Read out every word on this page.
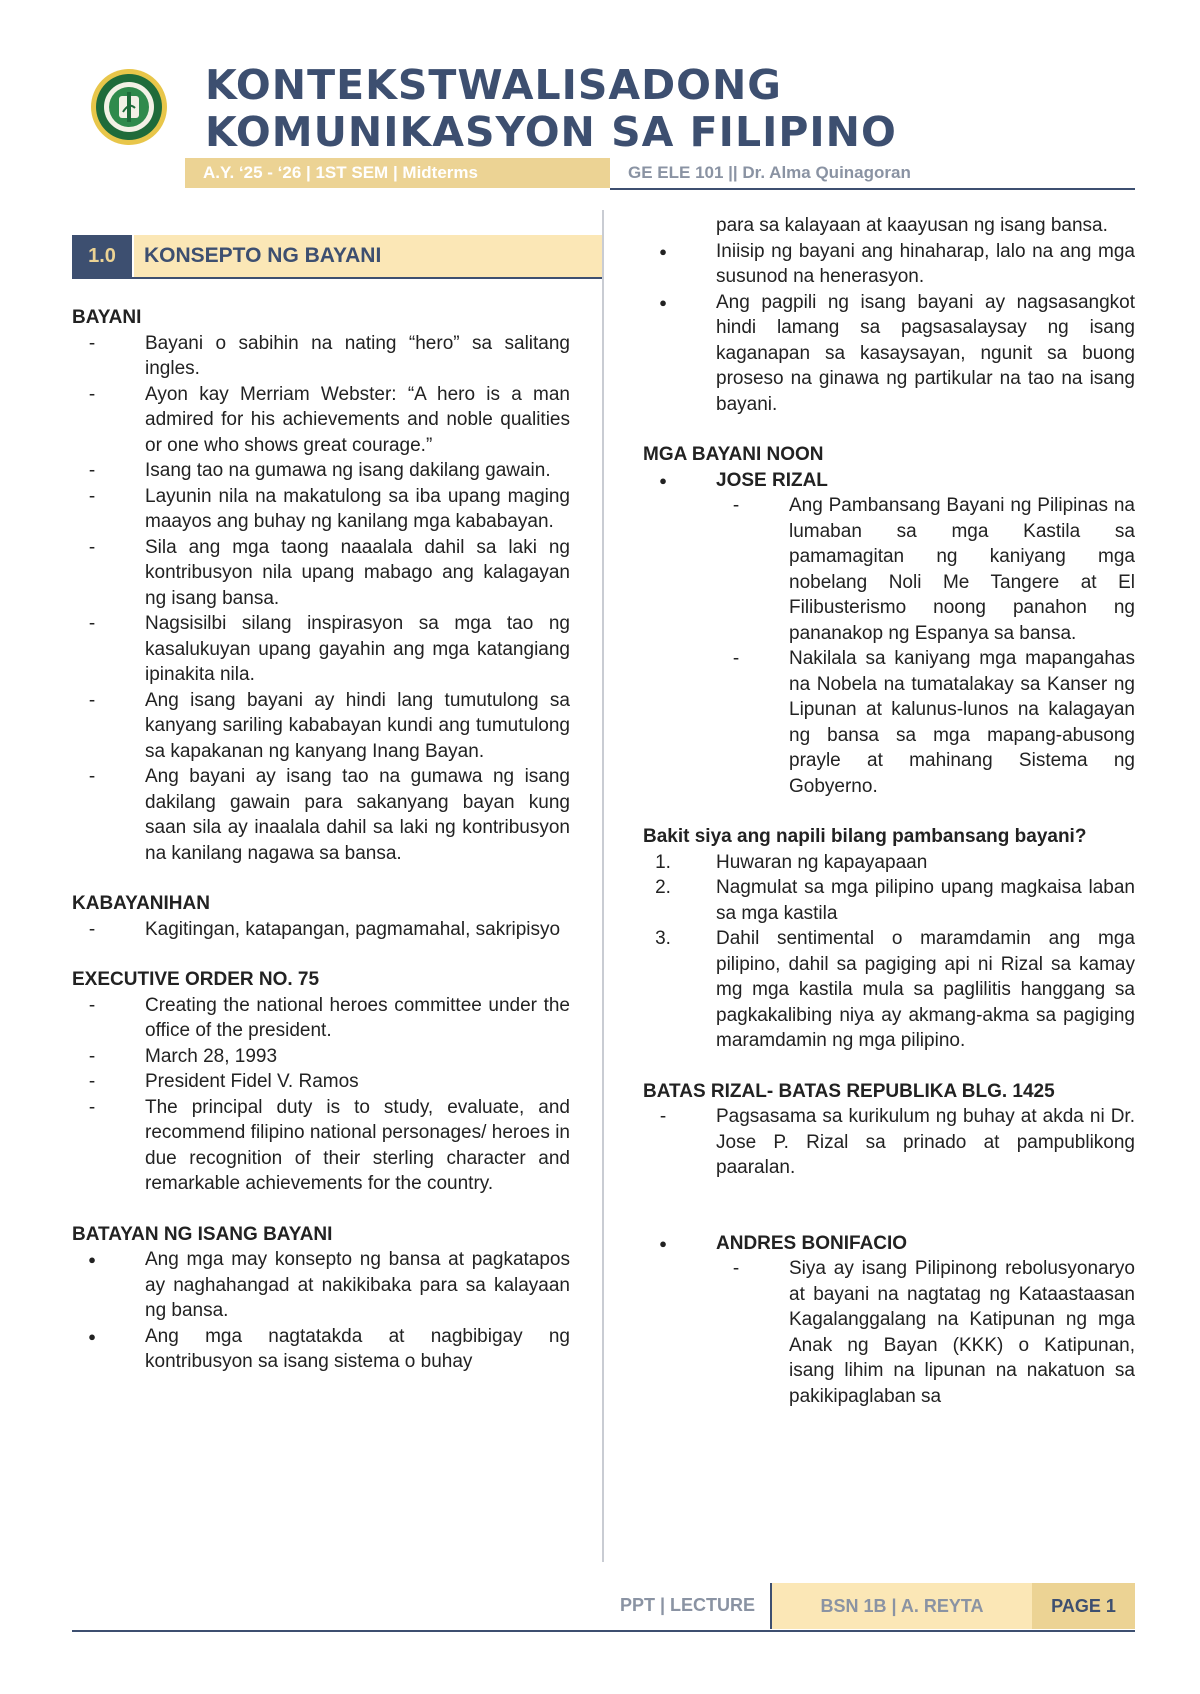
KONTEKSTWALISADONG
KOMUNIKASYON SA FILIPINO
A.Y. ‘25 - ‘26 | 1ST SEM | Midterms	GE ELE 101 || Dr. Alma Quinagoran
1.0	KONSEPTO NG BAYANI

BAYANI

- Bayani o sabihin na nating “hero” sa salitang ingles.
- Ayon kay Merriam Webster: “A hero is a man admired for his achievements and noble qualities or one who shows great courage.”
- Isang tao na gumawa ng isang dakilang gawain.
- Layunin nila na makatulong sa iba upang maging maayos ang buhay ng kanilang mga kababayan.
- Sila ang mga taong naaalala dahil sa laki ng kontribusyon nila upang mabago ang kalagayan ng isang bansa.
- Nagsisilbi silang inspirasyon sa mga tao ng kasalukuyan upang gayahin ang mga katangiang ipinakita nila.
- Ang isang bayani ay hindi lang tumutulong sa kanyang sariling kababayan kundi ang tumutulong sa kapakanan ng kanyang Inang Bayan.
- Ang bayani ay isang tao na gumawa ng isang dakilang gawain para sakanyang bayan kung saan sila ay inaalala dahil sa laki ng kontribusyon na kanilang nagawa sa bansa.

KABAYANIHAN

- Kagitingan, katapangan, pagmamahal, sakripisyo

EXECUTIVE ORDER NO. 75

- Creating the national heroes committee under the office of the president.
- March 28, 1993
- President Fidel V. Ramos
- The principal duty is to study, evaluate, and recommend filipino national personages/ heroes in due recognition of their sterling character and remarkable achievements for the country.

BATAYAN NG ISANG BAYANI

● Ang mga may konsepto ng bansa at pagkatapos ay naghahangad at nakikibaka para sa kalayaan ng bansa.
● Ang mga nagtatakda at nagbibigay ng kontribusyon sa isang sistema o buhay
para sa kalayaan at kaayusan ng isang bansa.
● Iniisip ng bayani ang hinaharap, lalo na ang mga susunod na henerasyon.
● Ang pagpili ng isang bayani ay nagsasangkot hindi lamang sa pagsasalaysay ng isang kaganapan sa kasaysayan, ngunit sa buong proseso na ginawa ng partikular na tao na isang bayani.

MGA BAYANI NOON

● JOSE RIZAL
- Ang Pambansang Bayani ng Pilipinas na lumaban sa mga Kastila sa pamamagitan ng kaniyang mga nobelang Noli Me Tangere at El Filibusterismo noong panahon ng pananakop ng Espanya sa bansa.
- Nakilala sa kaniyang mga mapangahas na Nobela na tumatalakay sa Kanser ng Lipunan at kalunus-lunos na kalagayan ng bansa sa mga mapang-abusong prayle at mahinang Sistema ng Gobyerno.

Bakit siya ang napili bilang pambansang bayani?

Huwaran ng kapayapaan
Nagmulat sa mga pilipino upang magkaisa laban sa mga kastila
Dahil sentimental o maramdamin ang mga pilipino, dahil sa pagiging api ni Rizal sa kamay mg mga kastila mula sa paglilitis hanggang sa pagkakalibing niya ay akmang-akma sa pagiging maramdamin ng mga pilipino.

BATAS RIZAL- BATAS REPUBLIKA BLG. 1425

- Pagsasama sa kurikulum ng buhay at akda ni Dr. Jose P. Rizal sa prinado at pampublikong paaralan.
● ANDRES BONIFACIO
- Siya ay isang Pilipinong rebolusyonaryo at bayani na nagtatag ng Kataastaasan Kagalanggalang na Katipunan ng mga Anak ng Bayan (KKK) o Katipunan, isang lihim na lipunan na nakatuon sa pakikipaglaban sa
PPT | LECTURE	BSN 1B | A. REYTA	PAGE 1
